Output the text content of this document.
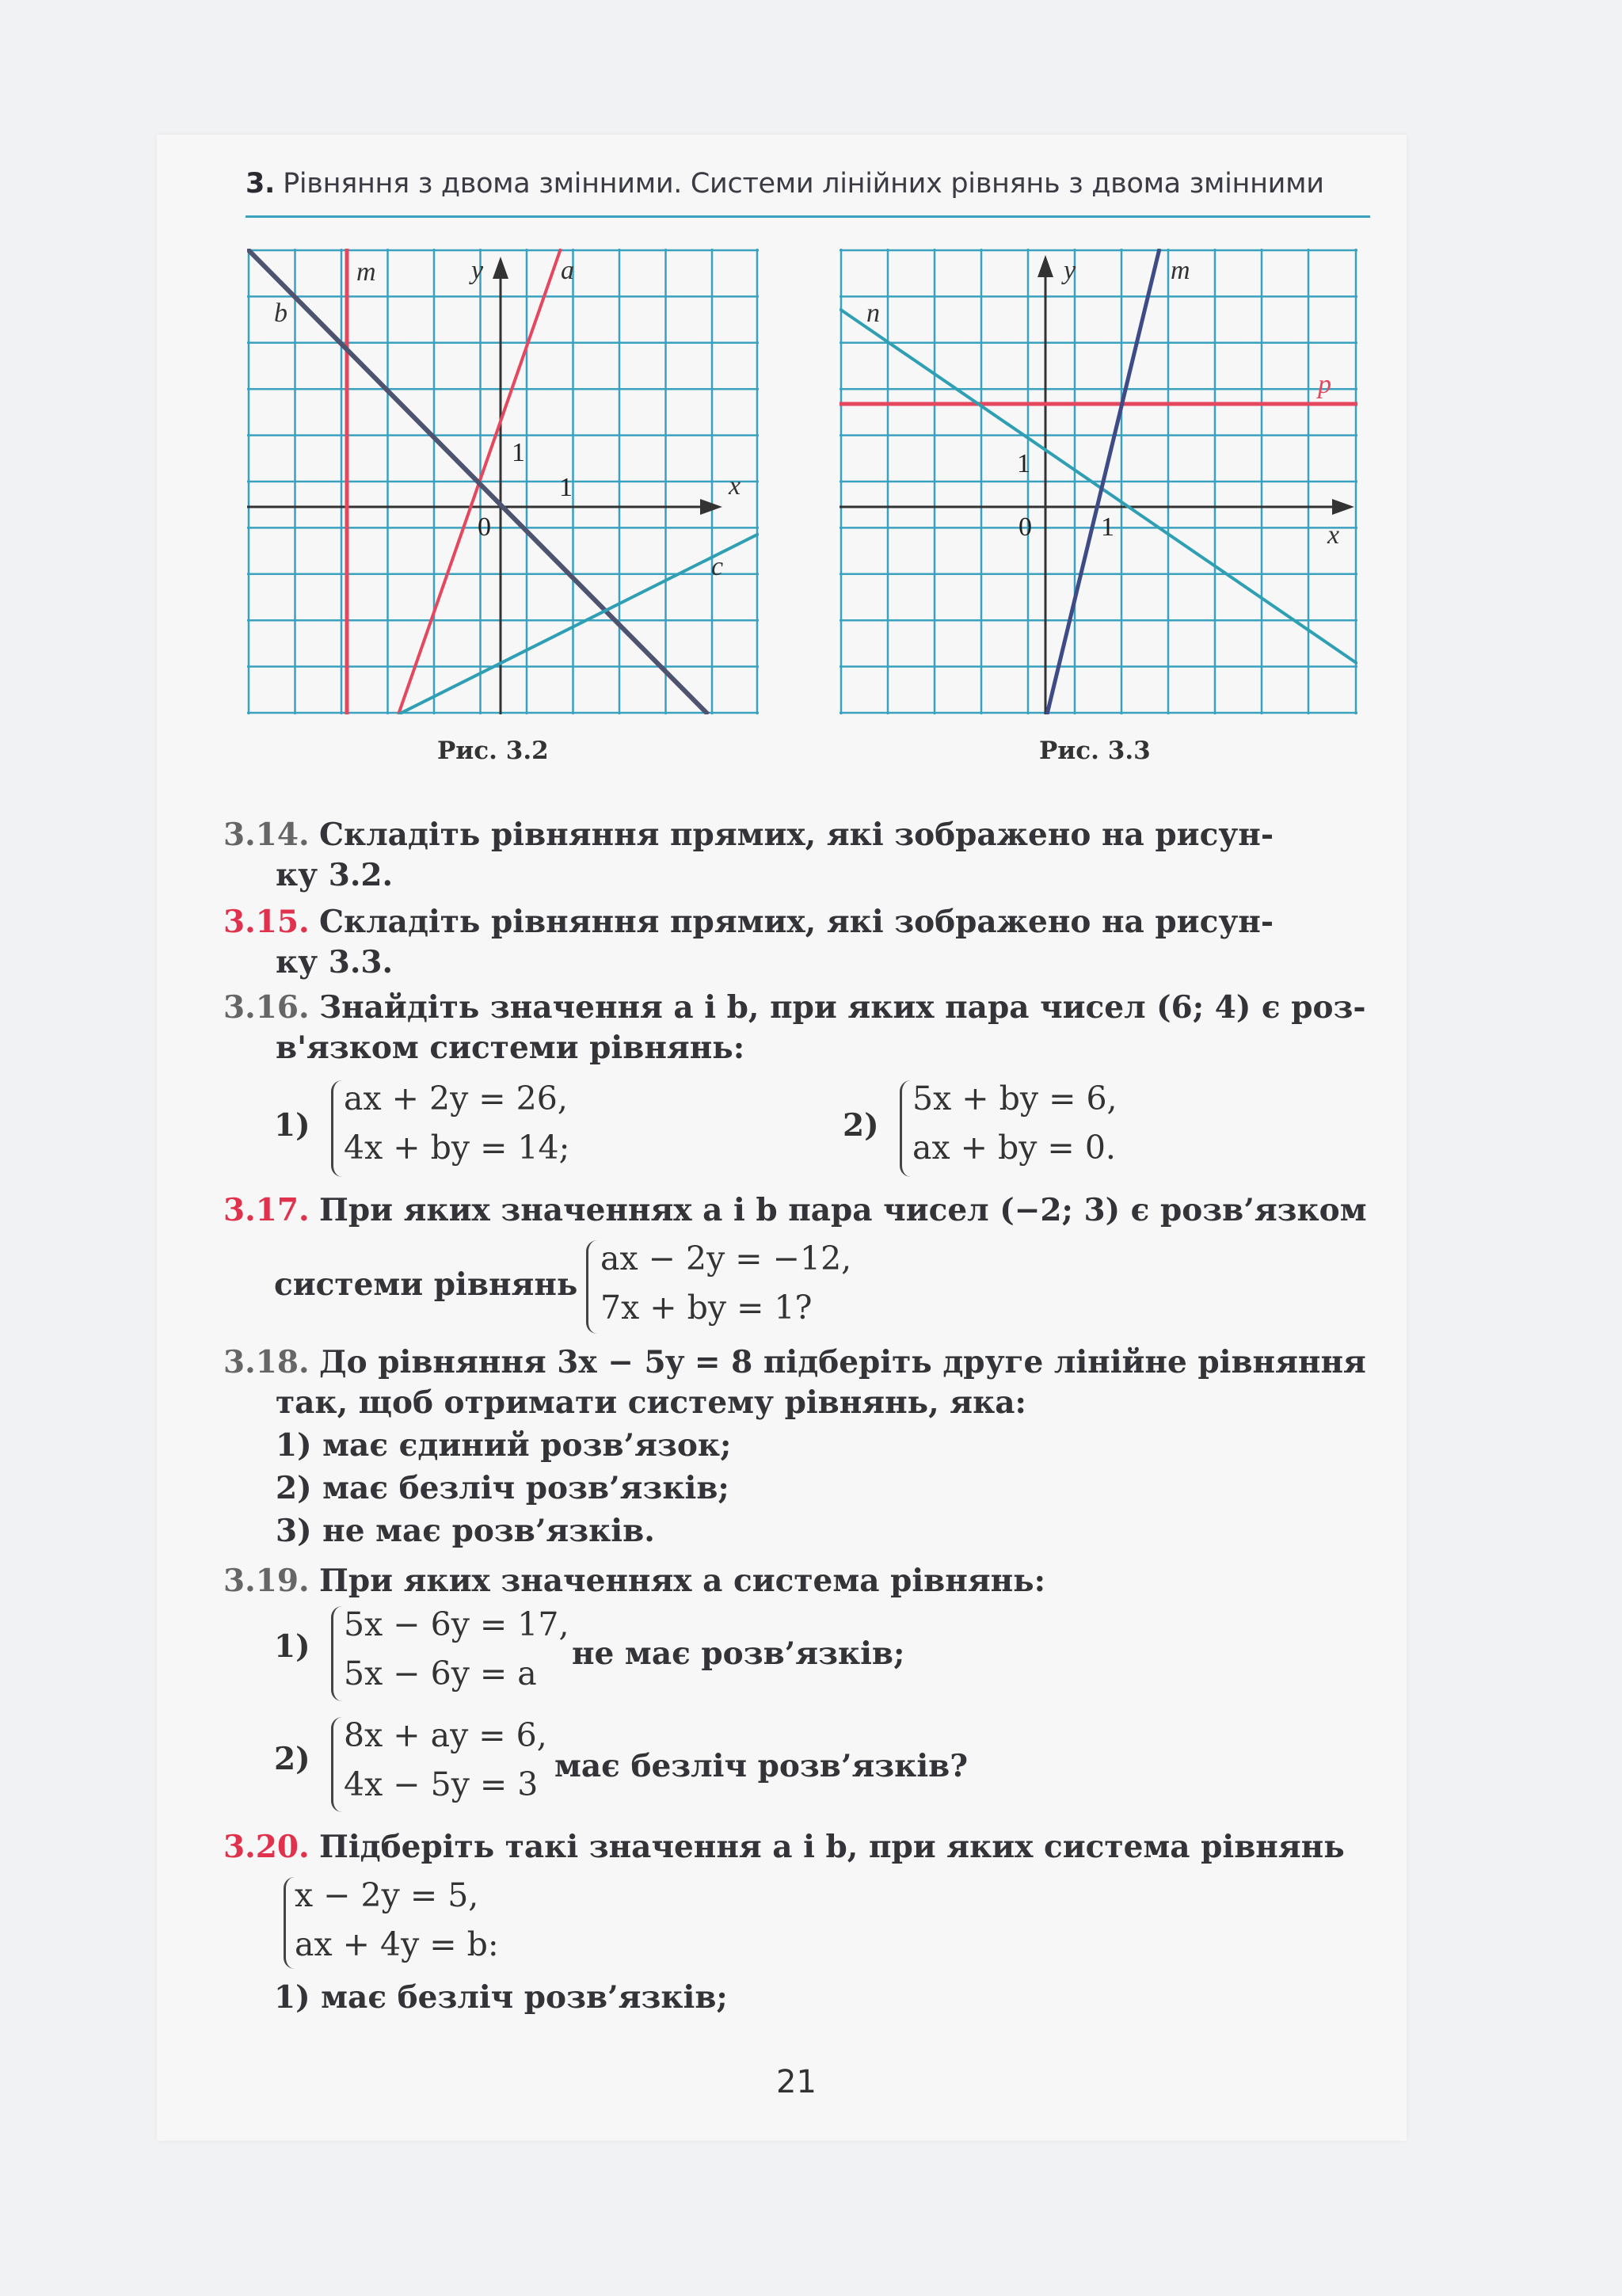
3. Рівняння з двома змінними. Системи лінійних рівнянь з двома змінними
m	y	a
b
x
c
1
1
0
Рис. 3.2
y	m
n
p
x
1
0	1
Рис. 3.3
3.14. Складіть рівняння прямих, які зображено на рисун-
ку 3.2.
3.15. Складіть рівняння прямих, які зображено на рисун-
ку 3.3.
3.16. Знайдіть значення a і b, при яких пара чисел (6; 4) є роз-
в'язком системи рівнянь:
1)
ax + 2y = 26,
4x + by = 14;
2)
5x + by = 6,
ax + by = 0.
3.17. При яких значеннях a і b пара чисел (−2; 3) є розв’язком
системи рівнянь
ax − 2y = −12,
7x + by = 1?
3.18. До рівняння 3x − 5y = 8 підберіть друге лінійне рівняння
так, щоб отримати систему рівнянь, яка:
1) має єдиний розв’язок;
2) має безліч розв’язків;
3) не має розв’язків.
3.19. При яких значеннях a система рівнянь:
1)
5x − 6y = 17,
5x − 6y = a
не має розв’язків;
2)
8x + ay = 6,
4x − 5y = 3 має безліч розв’язків?
3.20. Підберіть такі значення a і b, при яких система рівнянь
x − 2y = 5,
ax + 4y = b:
1) має безліч розв’язків;
21
